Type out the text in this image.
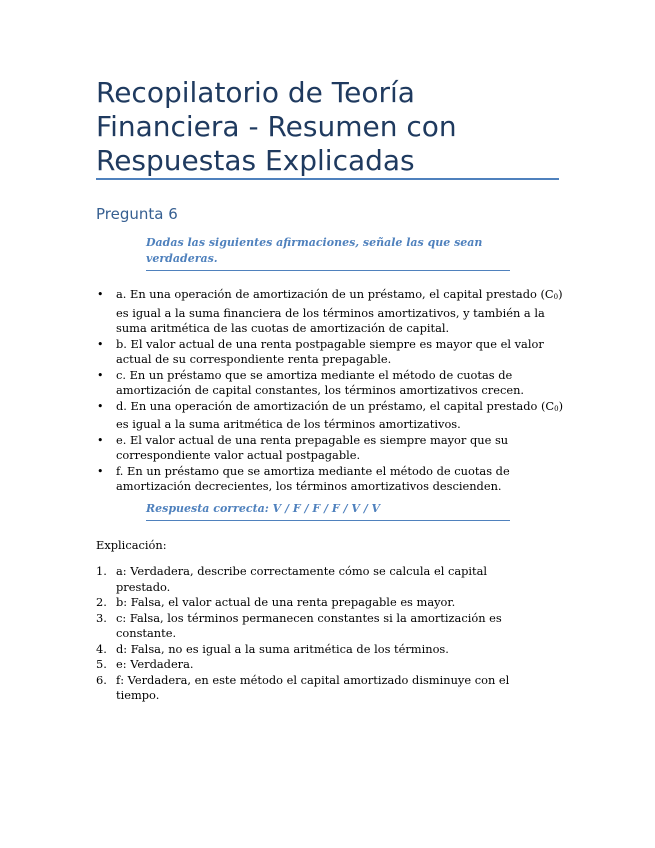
Recopilatorio de Teoría Financiera - Resumen con Respuestas Explicadas
Pregunta 6

Dadas las siguientes afirmaciones, señale las que sean verdaderas.

• a. En una operación de amortización de un préstamo, el capital prestado $(C_0)$ es igual a la suma financiera de los términos amortizativos, y también a la suma aritmética de las cuotas de amortización de capital.
• b. El valor actual de una renta postpagable siempre es mayor que el valor actual de su correspondiente renta prepagable.
• c. En un préstamo que se amortiza mediante el método de cuotas de amortización de capital constantes, los términos amortizativos crecen.
• d. En una operación de amortización de un préstamo, el capital prestado $(C_0)$ es igual a la suma aritmética de los términos amortizativos.
• e. El valor actual de una renta prepagable es siempre mayor que su correspondiente valor actual postpagable.
• f. En un préstamo que se amortiza mediante el método de cuotas de amortización decrecientes, los términos amortizativos descienden.

Respuesta correcta: V / F / F / F / V / V

Explicación:

1. a: Verdadera, describe correctamente cómo se calcula el capital prestado.
2. b: Falsa, el valor actual de una renta prepagable es mayor.
3. c: Falsa, los términos permanecen constantes si la amortización es constante.
4. d: Falsa, no es igual a la suma aritmética de los términos.
5. e: Verdadera.
6. f: Verdadera, en este método el capital amortizado disminuye con el tiempo.
